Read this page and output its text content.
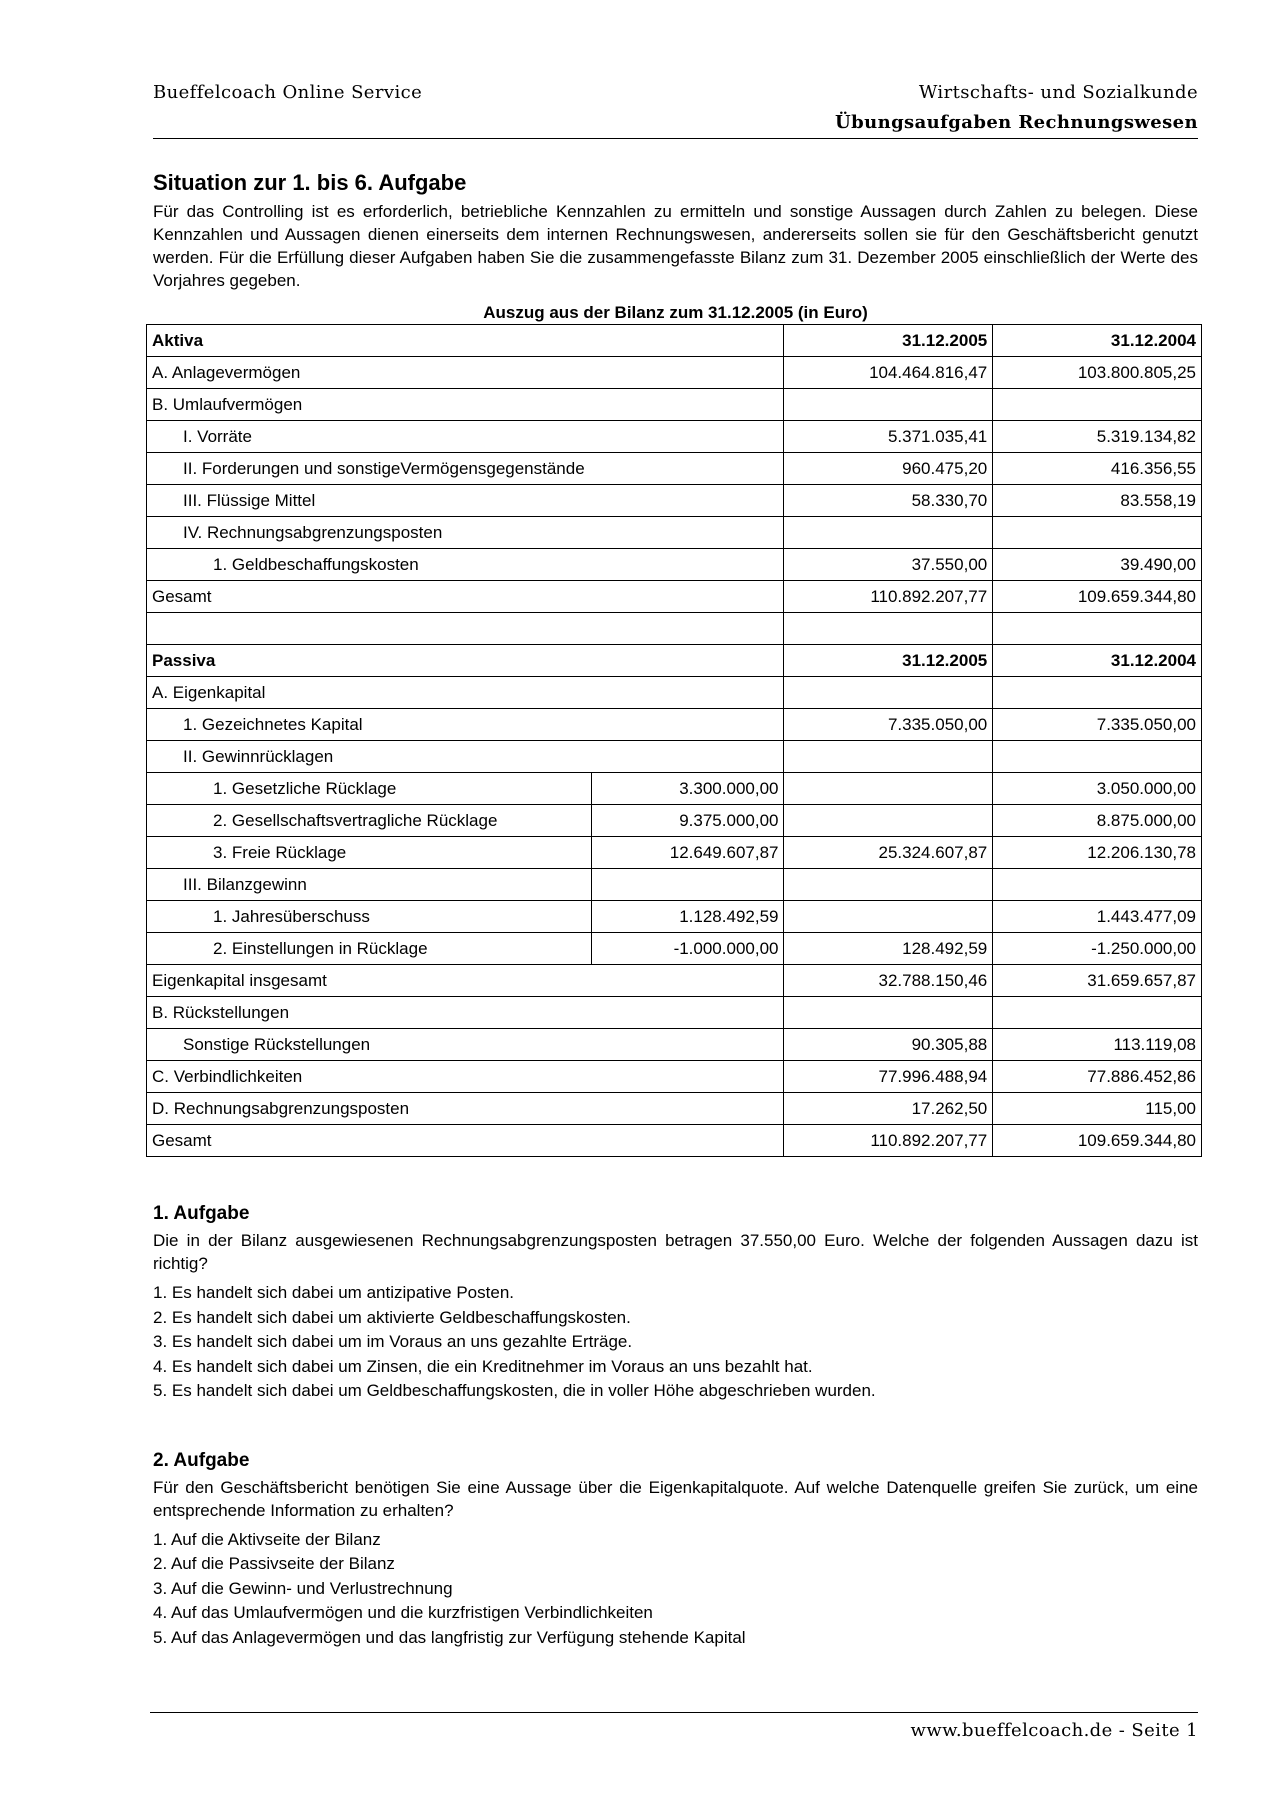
Bueffelcoach Online Service	Wirtschafts- und Sozialkunde
Übungsaufgaben Rechnungswesen
Situation zur 1. bis 6. Aufgabe

Für das Controlling ist es erforderlich, betriebliche Kennzahlen zu ermitteln und sonstige Aussagen durch Zahlen zu belegen. Diese Kennzahlen und Aussagen dienen einerseits dem internen Rechnungswesen, andererseits sollen sie für den Geschäftsbericht genutzt werden. Für die Erfüllung dieser Aufgaben haben Sie die zusammengefasste Bilanz zum 31. Dezember 2005 einschließlich der Werte des Vorjahres gegeben.

Auszug aus der Bilanz zum 31.12.2005 (in Euro)
Aktiva		31.12.2005	31.12.2004
A. Anlagevermögen		104.464.816,47	103.800.805,25
B. Umlaufvermögen			
I. Vorräte		5.371.035,41	5.319.134,82
II. Forderungen und sonstigeVermögensgegenstände		960.475,20	416.356,55
III. Flüssige Mittel		58.330,70	83.558,19
IV. Rechnungsabgrenzungsposten			
1. Geldbeschaffungskosten		37.550,00	39.490,00
Gesamt		110.892.207,77	109.659.344,80

Passiva		31.12.2005	31.12.2004
A. Eigenkapital			
1. Gezeichnetes Kapital		7.335.050,00	7.335.050,00
II. Gewinnrücklagen			
1. Gesetzliche Rücklage	3.300.000,00		3.050.000,00
2. Gesellschaftsvertragliche Rücklage	9.375.000,00		8.875.000,00
3. Freie Rücklage	12.649.607,87	25.324.607,87	12.206.130,78
III. Bilanzgewinn			
1. Jahresüberschuss	1.128.492,59		1.443.477,09
2. Einstellungen in Rücklage	-1.000.000,00	128.492,59	-1.250.000,00
Eigenkapital insgesamt		32.788.150,46	31.659.657,87
B. Rückstellungen			
Sonstige Rückstellungen		90.305,88	113.119,08
C. Verbindlichkeiten		77.996.488,94	77.886.452,86
D. Rechnungsabgrenzungsposten		17.262,50	115,00
Gesamt		110.892.207,77	109.659.344,80
1. Aufgabe

Die in der Bilanz ausgewiesenen Rechnungsabgrenzungsposten betragen 37.550,00 Euro. Welche der folgenden Aussagen dazu ist richtig?

1. Es handelt sich dabei um antizipative Posten.
2. Es handelt sich dabei um aktivierte Geldbeschaffungskosten.
3. Es handelt sich dabei um im Voraus an uns gezahlte Erträge.
4. Es handelt sich dabei um Zinsen, die ein Kreditnehmer im Voraus an uns bezahlt hat.
5. Es handelt sich dabei um Geldbeschaffungskosten, die in voller Höhe abgeschrieben wurden.
2. Aufgabe

Für den Geschäftsbericht benötigen Sie eine Aussage über die Eigenkapitalquote. Auf welche Datenquelle greifen Sie zurück, um eine entsprechende Information zu erhalten?

1. Auf die Aktivseite der Bilanz
2. Auf die Passivseite der Bilanz
3. Auf die Gewinn- und Verlustrechnung
4. Auf das Umlaufvermögen und die kurzfristigen Verbindlichkeiten
5. Auf das Anlagevermögen und das langfristig zur Verfügung stehende Kapital
www.bueffelcoach.de - Seite 1
